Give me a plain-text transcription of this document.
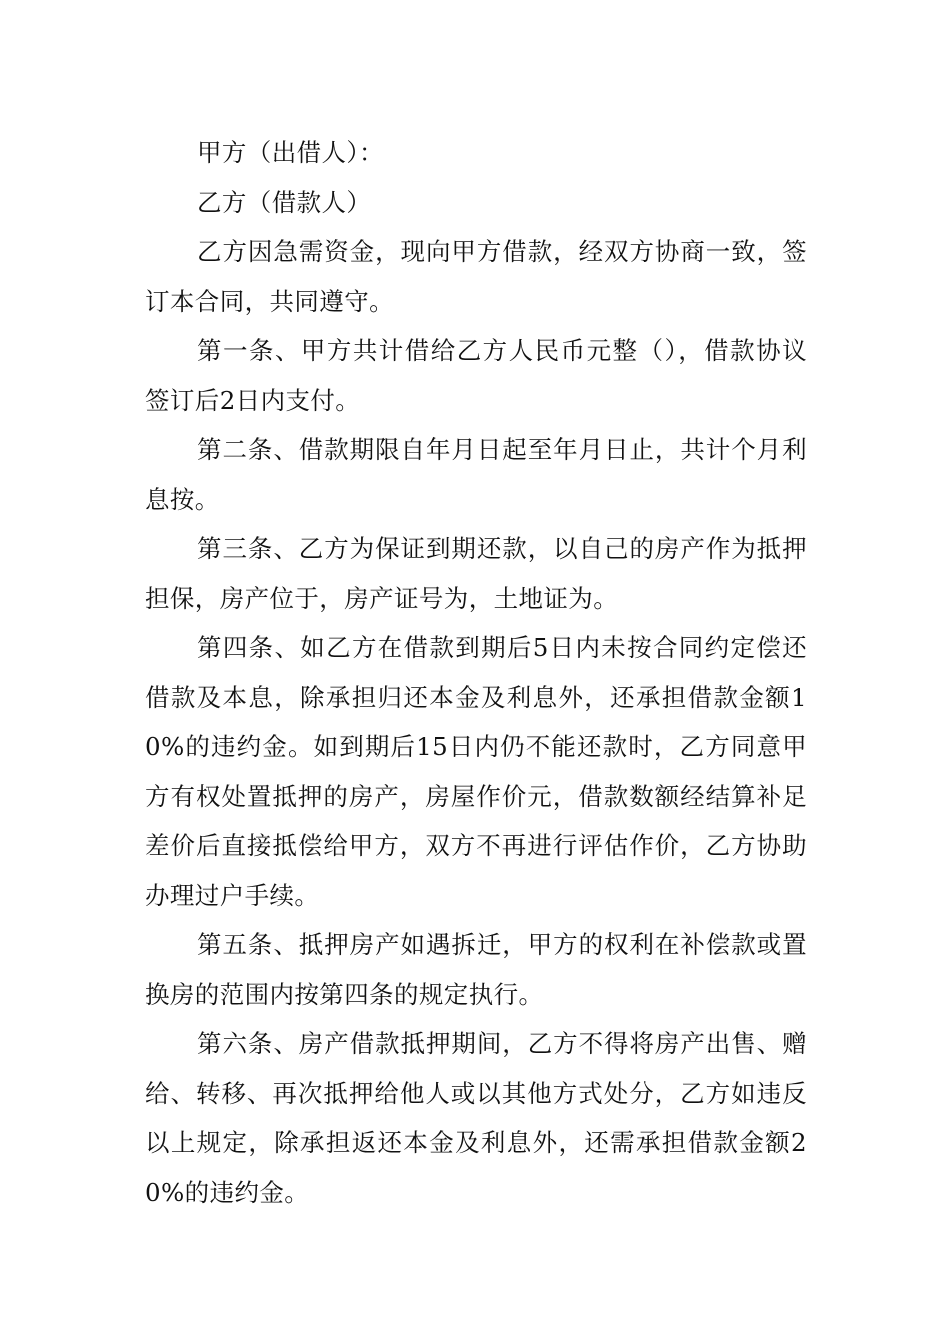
甲方（出借人）：

乙方（借款人）

乙方因急需资金，现向甲方借款，经双方协商一致，签订本合同，共同遵守。

第一条、甲方共计借给乙方人民币元整（），借款协议签订后2日内支付。

第二条、借款期限自年月日起至年月日止，共计个月利息按。

第三条、乙方为保证到期还款，以自己的房产作为抵押担保，房产位于，房产证号为，土地证为。

第四条、如乙方在借款到期后5日内未按合同约定偿还借款及本息，除承担归还本金及利息外，还承担借款金额10%的违约金。如到期后15日内仍不能还款时，乙方同意甲方有权处置抵押的房产，房屋作价元，借款数额经结算补足差价后直接抵偿给甲方，双方不再进行评估作价，乙方协助办理过户手续。

第五条、抵押房产如遇拆迁，甲方的权利在补偿款或置换房的范围内按第四条的规定执行。

第六条、房产借款抵押期间，乙方不得将房产出售、赠给、转移、再次抵押给他人或以其他方式处分，乙方如违反以上规定，除承担返还本金及利息外，还需承担借款金额20%的违约金。
